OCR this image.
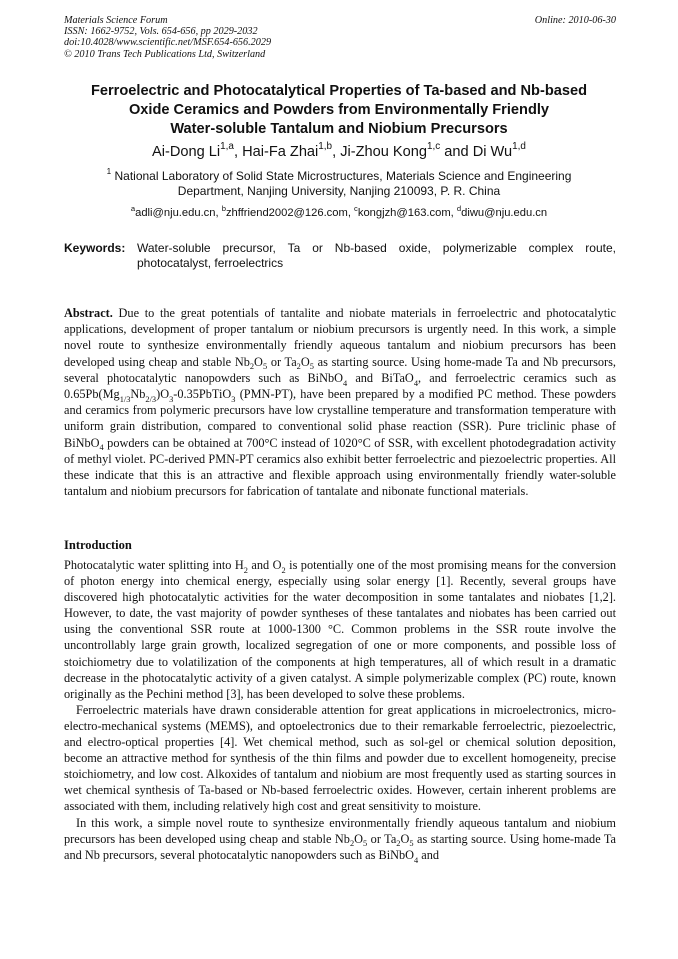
Materials Science Forum	Online: 2010-06-30
ISSN: 1662-9752, Vols. 654-656, pp 2029-2032
doi:10.4028/www.scientific.net/MSF.654-656.2029
© 2010 Trans Tech Publications Ltd, Switzerland
Ferroelectric and Photocatalytical Properties of Ta-based and Nb-based
Oxide Ceramics and Powders from Environmentally Friendly
Water-soluble Tantalum and Niobium Precursors
Ai-Dong Li$^{1,a}$, Hai-Fa Zhai$^{1,b}$, Ji-Zhou Kong$^{1,c}$ and Di Wu$^{1,d}$
$^1$ National Laboratory of Solid State Microstructures, Materials Science and Engineering
Department, Nanjing University, Nanjing 210093, P. R. China
$^a$adli@nju.edu.cn, $^b$zhffriend2002@126.com, $^c$kongjzh@163.com, $^d$diwu@nju.edu.cn
Keywords: Water-soluble precursor, Ta or Nb-based oxide, polymerizable complex route, photocatalyst, ferroelectrics
Abstract. Due to the great potentials of tantalite and niobate materials in ferroelectric and photocatalytic applications, development of proper tantalum or niobium precursors is urgently need. In this work, a simple novel route to synthesize environmentally friendly aqueous tantalum and niobium precursors has been developed using cheap and stable $Nb_2O_5$ or $Ta_2O_5$ as starting source. Using home-made Ta and Nb precursors, several photocatalytic nanopowders such as BiNbO$_4$ and BiTaO$_4$, and ferroelectric ceramics such as $0.65Pb(Mg_{1/3}Nb_{2/3})O_3-0.35PbTiO_3$ (PMN-PT), have been prepared by a modified PC method. These powders and ceramics from polymeric precursors have low crystalline temperature and transformation temperature with uniform grain distribution, compared to conventional solid phase reaction (SSR). Pure triclinic phase of BiNbO$_4$ powders can be obtained at 700°C instead of 1020°C of SSR, with excellent photodegradation activity of methyl violet. PC-derived PMN-PT ceramics also exhibit better ferroelectric and piezoelectric properties. All these indicate that this is an attractive and flexible approach using environmentally friendly water-soluble tantalum and niobium precursors for fabrication of tantalate and nibonate functional materials.
Introduction

Photocatalytic water splitting into $H_2$ and $O_2$ is potentially one of the most promising means for the conversion of photon energy into chemical energy, especially using solar energy [1]. Recently, several groups have discovered high photocatalytic activities for the water decomposition in some tantalates and niobates [1,2]. However, to date, the vast majority of powder syntheses of these tantalates and niobates has been carried out using the conventional SSR route at 1000-1300 °C. Common problems in the SSR route involve the uncontrollably large grain growth, localized segregation of one or more components, and possible loss of stoichiometry due to volatilization of the components at high temperatures, all of which result in a dramatic decrease in the photocatalytic activity of a given catalyst. A simple polymerizable complex (PC) route, known originally as the Pechini method [3], has been developed to solve these problems.

Ferroelectric materials have drawn considerable attention for great applications in microelectronics, micro-electro-mechanical systems (MEMS), and optoelectronics due to their remarkable ferroelectric, piezoelectric, and electro-optical properties [4]. Wet chemical method, such as sol-gel or chemical solution deposition, become an attractive method for synthesis of the thin films and powder due to excellent homogeneity, precise stoichiometry, and low cost. Alkoxides of tantalum and niobium are most frequently used as starting sources in wet chemical synthesis of Ta-based or Nb-based ferroelectric oxides. However, certain inherent problems are associated with them, including relatively high cost and great sensitivity to moisture.

In this work, a simple novel route to synthesize environmentally friendly aqueous tantalum and niobium precursors has been developed using cheap and stable $Nb_2O_5$ or $Ta_2O_5$ as starting source. Using home-made Ta and Nb precursors, several photocatalytic nanopowders such as BiNbO$_4$ and
